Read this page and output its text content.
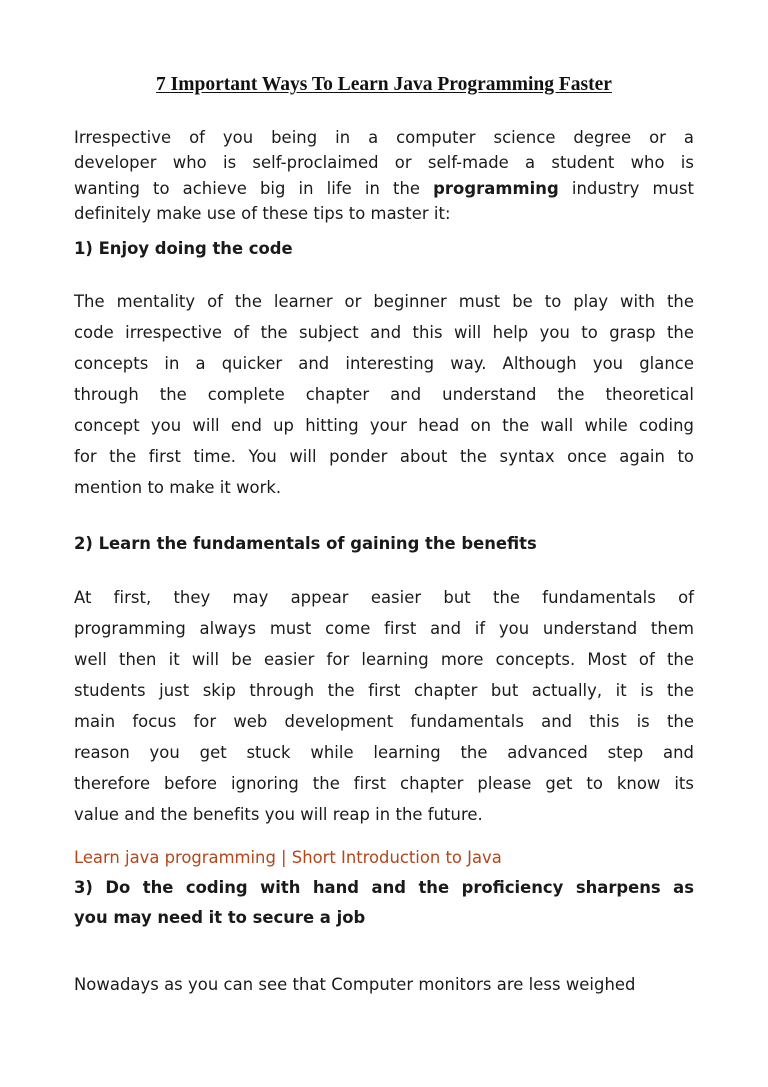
7 Important Ways To Learn Java Programming Faster
Irrespective of you being in a computer science degree or a
developer who is self-proclaimed or self-made a student who is
wanting to achieve big in life in the programming industry must
definitely make use of these tips to master it:
1) Enjoy doing the code
The mentality of the learner or beginner must be to play with the
code irrespective of the subject and this will help you to grasp the
concepts in a quicker and interesting way. Although you glance
through the complete chapter and understand the theoretical
concept you will end up hitting your head on the wall while coding
for the first time. You will ponder about the syntax once again to
mention to make it work.
2) Learn the fundamentals of gaining the benefits
At first, they may appear easier but the fundamentals of
programming always must come first and if you understand them
well then it will be easier for learning more concepts. Most of the
students just skip through the first chapter but actually, it is the
main focus for web development fundamentals and this is the
reason you get stuck while learning the advanced step and
therefore before ignoring the first chapter please get to know its
value and the benefits you will reap in the future.
Learn java programming | Short Introduction to Java
3) Do the coding with hand and the proficiency sharpens as
you may need it to secure a job
Nowadays as you can see that Computer monitors are less weighed
